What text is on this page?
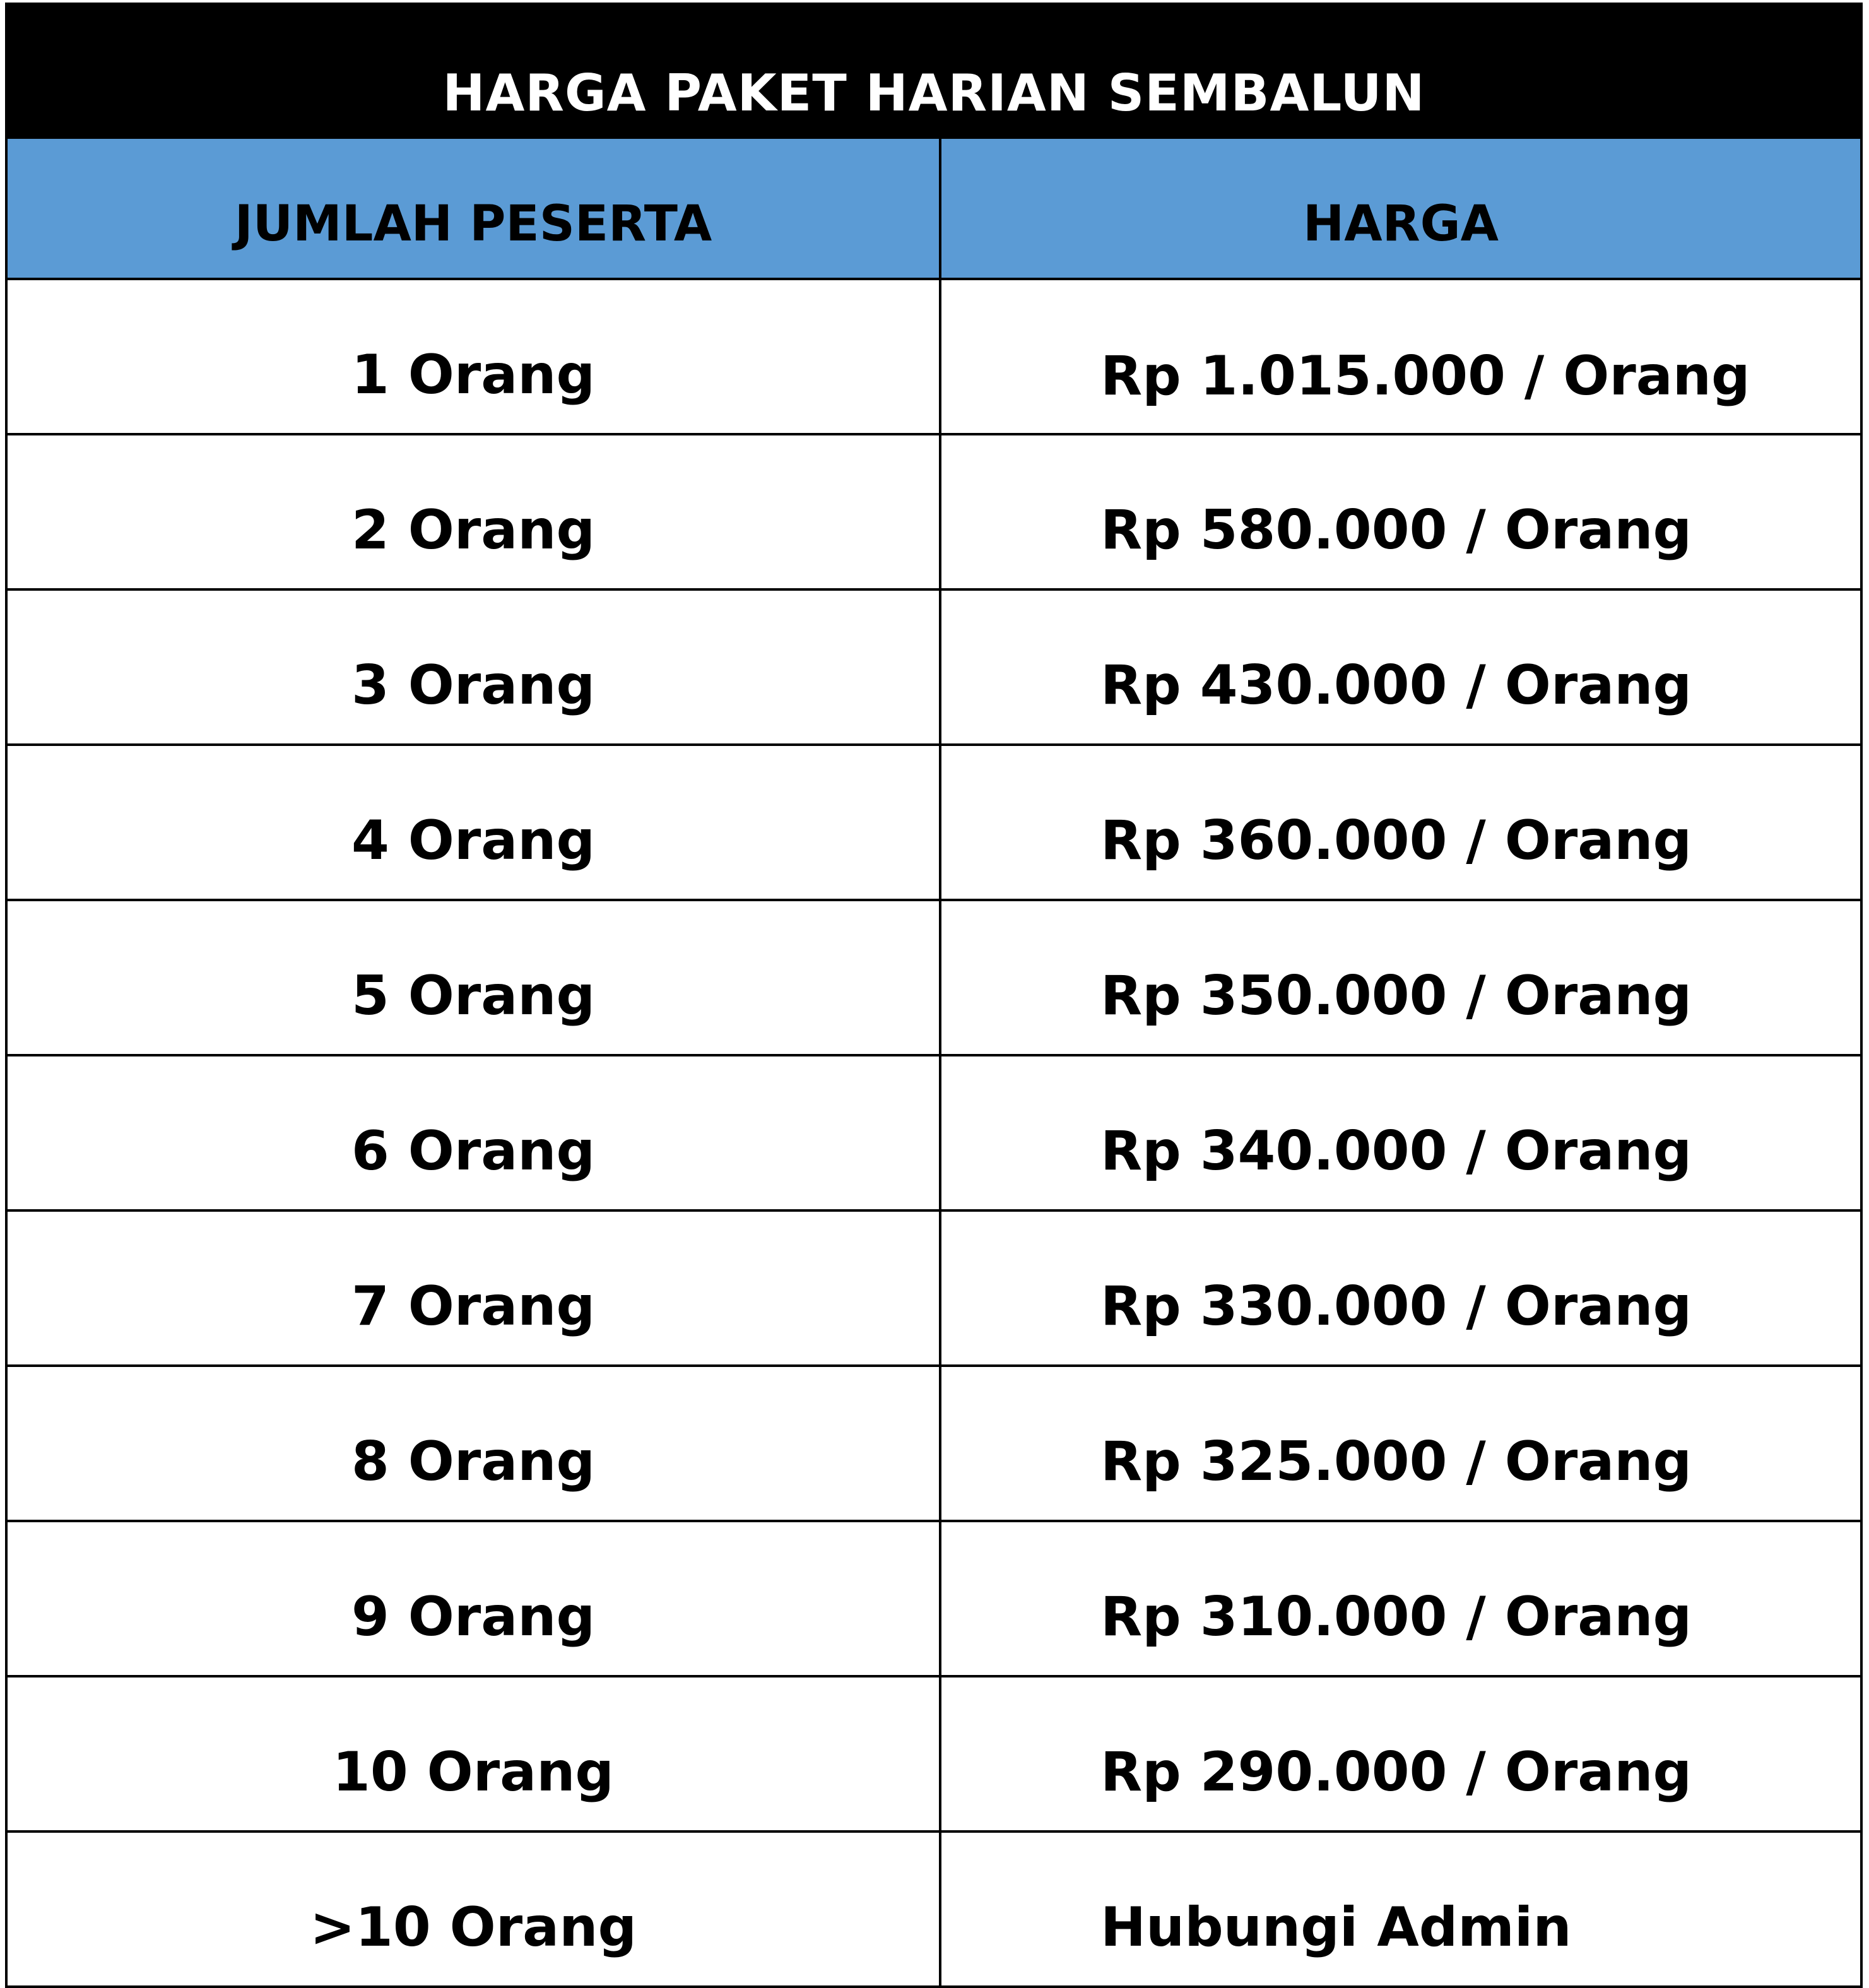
HARGA PAKET HARIAN SEMBALUN
JUMLAH PESERTA	HARGA
1 Orang	Rp 1.015.000 / Orang
2 Orang	Rp 580.000 / Orang
3 Orang	Rp 430.000 / Orang
4 Orang	Rp 360.000 / Orang
5 Orang	Rp 350.000 / Orang
6 Orang	Rp 340.000 / Orang
7 Orang	Rp 330.000 / Orang
8 Orang	Rp 325.000 / Orang
9 Orang	Rp 310.000 / Orang
10 Orang	Rp 290.000 / Orang
>10 Orang	Hubungi Admin
